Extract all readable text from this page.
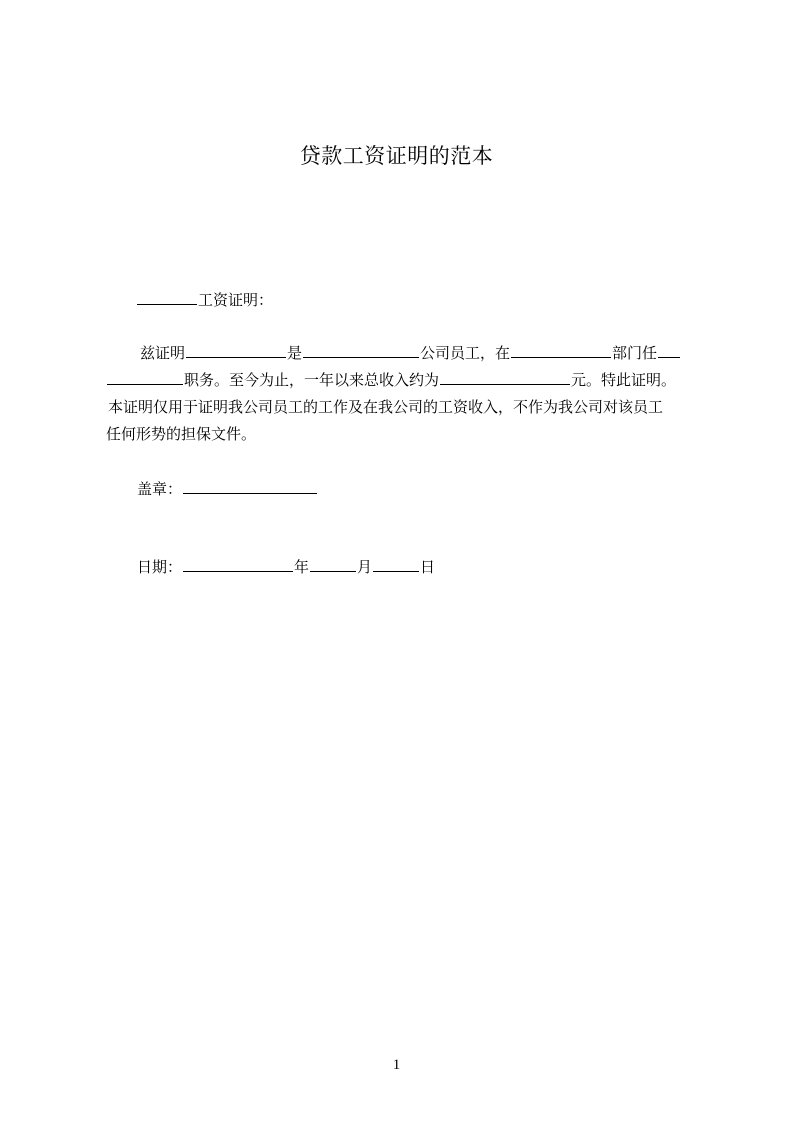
贷款工资证明的范本
工资证明：
兹证明	是	公司员工，在	部门任
职务。至今为止，一年以来总收入约为	元。特此证明。
本证明仅用于证明我公司员工的工作及在我公司的工资收入，不作为我公司对该员工
任何形势的担保文件。
盖章：
日期：	年	月	日
1
